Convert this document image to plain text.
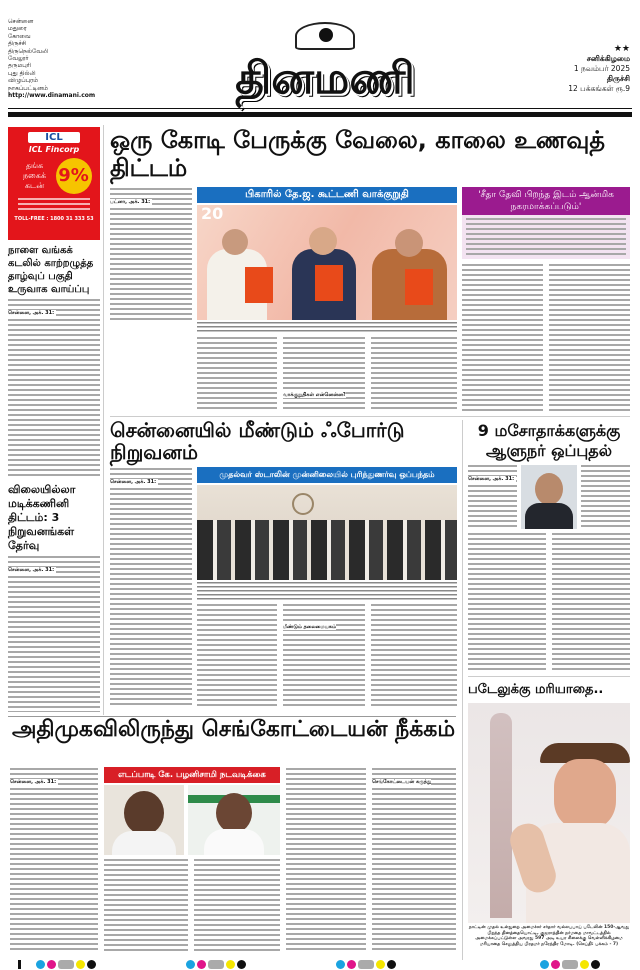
சென்னை
மதுரை
கோவை
திருச்சி
திருநெல்வேலி
வேலூர்
தருமபுரி
புது தில்லி
விழுப்புரம்
நாகப்பட்டினம்
http://www.dinamani.com	தினமணி
★★
சனிக்கிழமை
1 நவம்பர் 2025
திருச்சி
12 பக்கங்கள் ரூ.9
ICL
ICL Fincorp
தங்க நகைக் கடன் 9%
TOLL-FREE : 1800 31 333 53
நாளை வங்கக் கடலில் காற்றழுத்த தாழ்வுப் பகுதி உருவாக வாய்ப்பு
சென்னை, அக். 31:
விலையில்லா மடிக்கணினி திட்டம்: 3 நிறுவனங்கள் தேர்வு
சென்னை, அக். 31:
ஒரு கோடி பேருக்கு வேலை, காலை உணவுத் திட்டம்
பட்னா, அக். 31:
பிகாரில் தே.ஜ. கூட்டணி வாக்குறுதி
20
வாக்குறுதிகள் என்னென்ன?
'சீதா தேவி பிறந்த இடம் ஆன்மிக நகரமாக்கப்படும்'
சென்னையில் மீண்டும் ஃபோர்டு நிறுவனம்
சென்னை, அக். 31:
முதல்வர் ஸ்டாலின் முன்னிலையில் புரிந்துணர்வு ஒப்பந்தம்
மீண்டும் தலைமையகம்
9 மசோதாக்களுக்கு ஆளுநர் ஒப்புதல்
சென்னை, அக். 31:
படேலுக்கு மரியாதை..
நாட்டின் முதல் உள்துறை அமைச்சர் சர்தார் வல்லபபாய் படேலின் 150-ஆவது பிறந்த தினத்தையொட்டி, குஜராத்தின் நர்மதை மாவட்டத்தில் அமைக்கப்பட்டுள்ள அவரது 597 அடி உயர சிலைக்கு வெள்ளிக்கிழமை மரியாதை செலுத்திய பிரதமர் நரேந்திர மோடி. (செய்தி: பக்கம் - 7)
அதிமுகவிலிருந்து செங்கோட்டையன் நீக்கம்
சென்னை, அக். 31:
எடப்பாடி கே. பழனிசாமி நடவடிக்கை
செங்கோட்டையன் கருத்து
